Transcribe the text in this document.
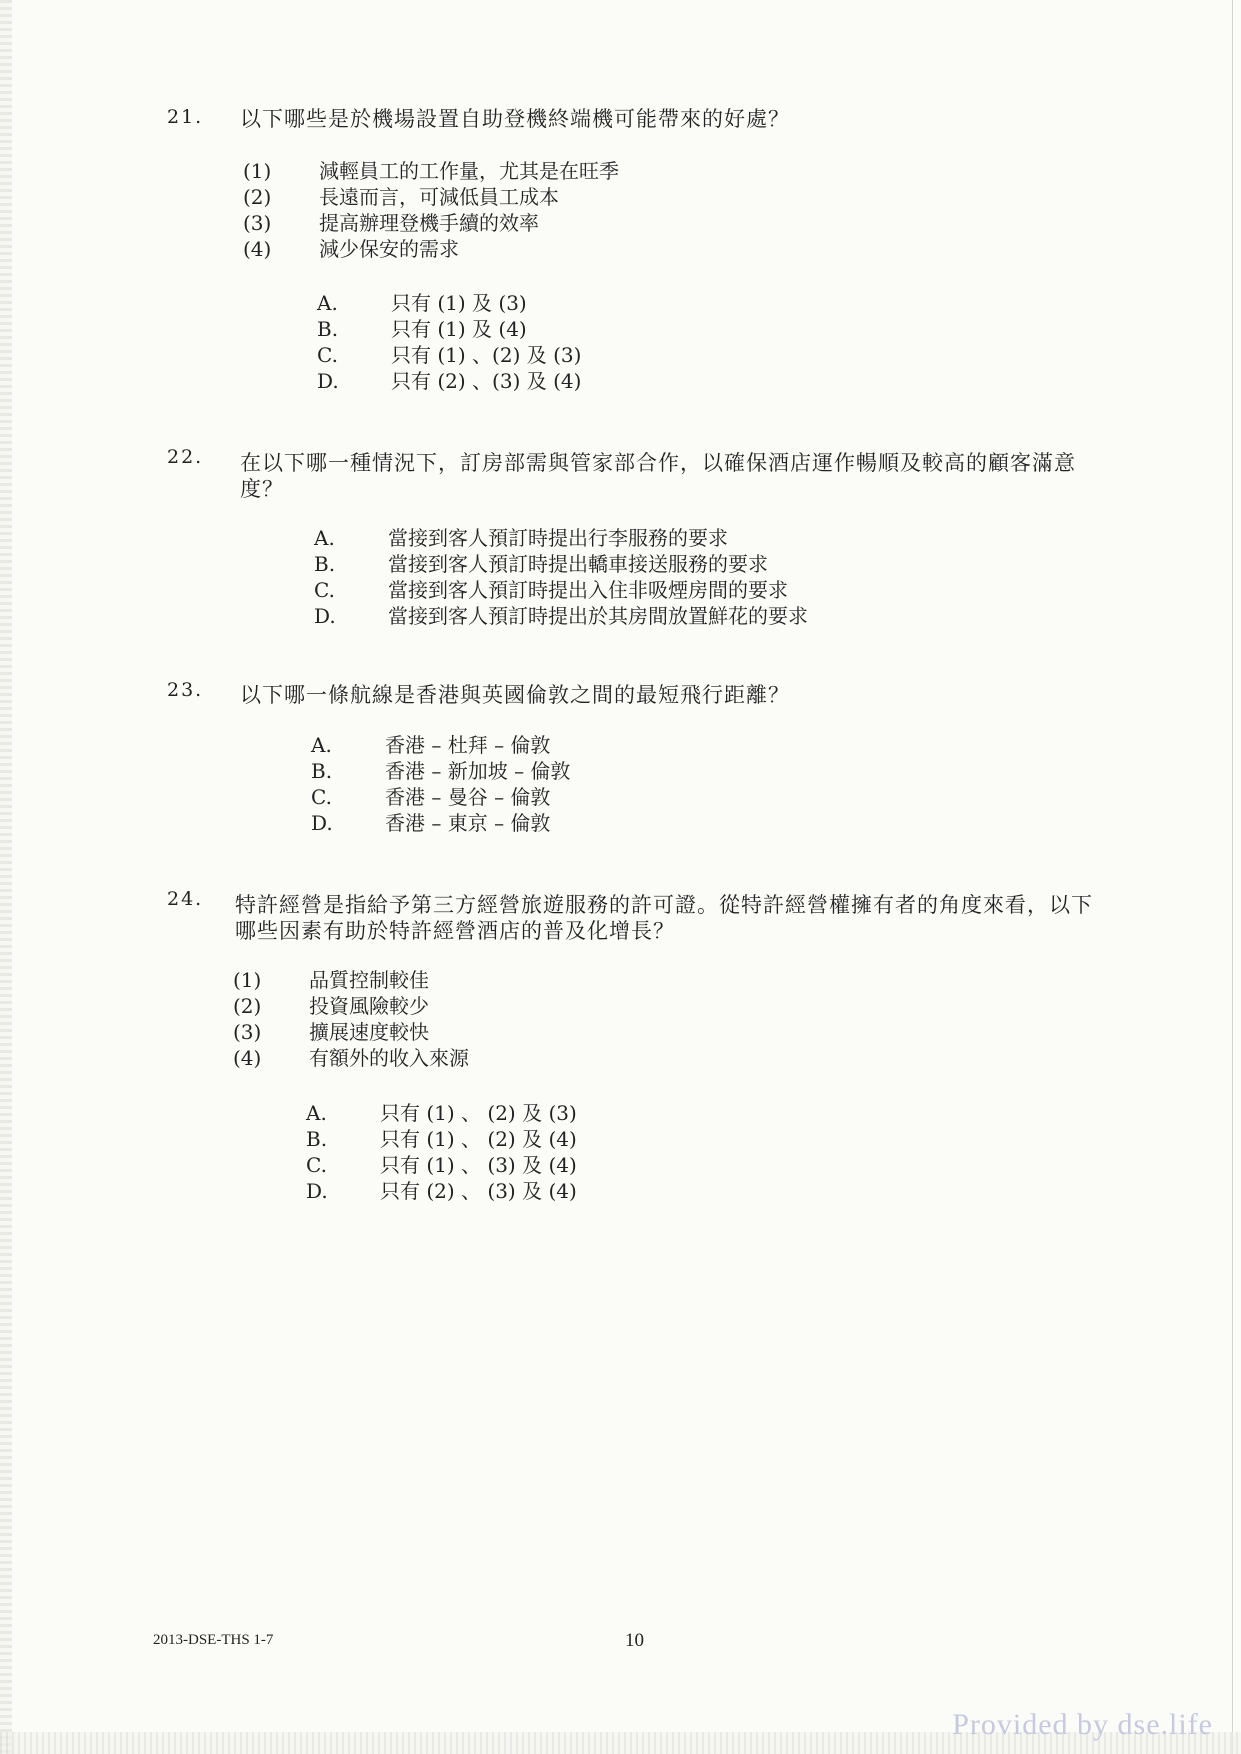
21. 以下哪些是於機場設置自助登機終端機可能帶來的好處？
(1) 減輕員工的工作量，尤其是在旺季
(2) 長遠而言，可減低員工成本
(3) 提高辦理登機手續的效率
(4) 減少保安的需求
A.	只有 (1) 及 (3)
B.	只有 (1) 及 (4)
C.	只有 (1) 、(2) 及 (3)
D.	只有 (2) 、(3) 及 (4)
22. 在以下哪一種情況下，訂房部需與管家部合作，以確保酒店運作暢順及較高的顧客滿意
度？
A.	當接到客人預訂時提出行李服務的要求
B.	當接到客人預訂時提出轎車接送服務的要求
C.	當接到客人預訂時提出入住非吸煙房間的要求
D.	當接到客人預訂時提出於其房間放置鮮花的要求
23. 以下哪一條航線是香港與英國倫敦之間的最短飛行距離？
A.	香港 – 杜拜 – 倫敦
B.	香港 – 新加坡 – 倫敦
C.	香港 – 曼谷 – 倫敦
D.	香港 – 東京 – 倫敦
24. 特許經營是指給予第三方經營旅遊服務的許可證。從特許經營權擁有者的角度來看，以下
哪些因素有助於特許經營酒店的普及化增長？
(1) 品質控制較佳
(2) 投資風險較少
(3) 擴展速度較快
(4) 有額外的收入來源
A.	只有 (1) 、 (2) 及 (3)
B.	只有 (1) 、 (2) 及 (4)
C.	只有 (1) 、 (3) 及 (4)
D.	只有 (2) 、 (3) 及 (4)
2013-DSE-THS 1-7	10
Provided by dse.life
